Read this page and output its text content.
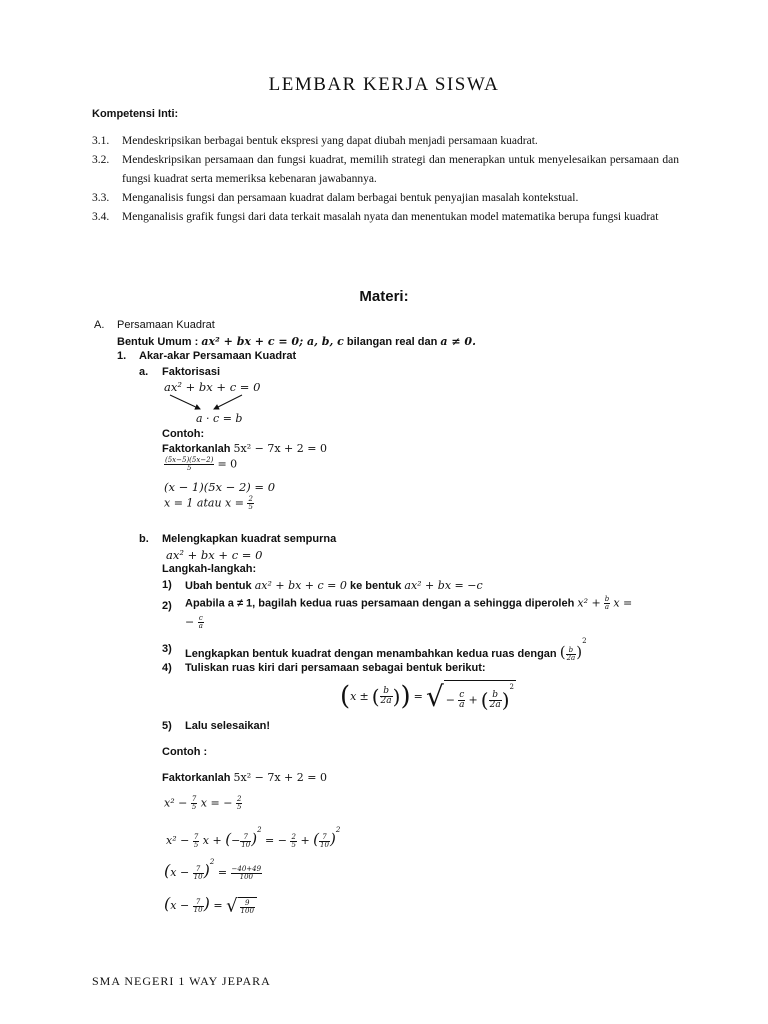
LEMBAR KERJA SISWA
Kompetensi Inti:
3.1.	Mendeskripsikan berbagai bentuk ekspresi yang dapat diubah menjadi persamaan kuadrat.
3.2.	Mendeskripsikan persamaan dan fungsi kuadrat, memilih strategi dan menerapkan untuk menyelesaikan persamaan dan fungsi kuadrat serta memeriksa kebenaran jawabannya.
3.3.	Menganalisis fungsi dan persamaan kuadrat dalam berbagai bentuk penyajian masalah kontekstual.
3.4.	Menganalisis grafik fungsi dari data terkait masalah nyata dan menentukan model matematika berupa fungsi kuadrat
Materi:
A. Persamaan Kuadrat
Bentuk Umum : ax² + bx + c = 0; a, b, c bilangan real dan a ≠ 0.
1. Akar-akar Persamaan Kuadrat
a. Faktorisasi
ax² + bx + c = 0
a · c = b
Contoh:
Faktorkanlah 5x² − 7x + 2 = 0
$\frac{(5x-5)(5x-2)}{5} = 0$
(x − 1)(5x − 2) = 0
x = 1 atau $x = \frac{2}{5}$
b. Melengkapkan kuadrat sempurna
ax² + bx + c = 0
Langkah-langkah:
1) Ubah bentuk ax² + bx + c = 0 ke bentuk ax² + bx = −c
2) Apabila a ≠ 1, bagilah kedua ruas persamaan dengan a sehingga diperoleh $x^2 + \frac{b}{a}$ x =
− $\frac{c}{a}$
3) Lengkapkan bentuk kuadrat dengan menambahkan kedua ruas dengan ( $\frac{b}{2a} )^2$
4) Tuliskan ruas kiri dari persamaan sebagai bentuk berikut:
(x ± ( $\frac{b}{2a}$ )) = √ − $\frac{c}{a}$ + ( $\frac{b}{2a} )^2$
5) Lalu selesaikan!
Contoh :
Faktorkanlah 5x² − 7x + 2 = 0
$x^2 - \frac{7}{5}$ x = − $\frac{2}{5}$
$x^2 - \frac{7}{5}$ x + (− $\frac{7}{10} )^2$ = − $\frac{2}{5}$ + ( $\frac{7}{10} )^2$
$(x - \frac{7}{10} )^2 = \frac{-40+49}{100}$
($x - \frac{7}{10}$ ) = √ $\frac{9}{100}$
SMA NEGERI 1 WAY JEPARA
